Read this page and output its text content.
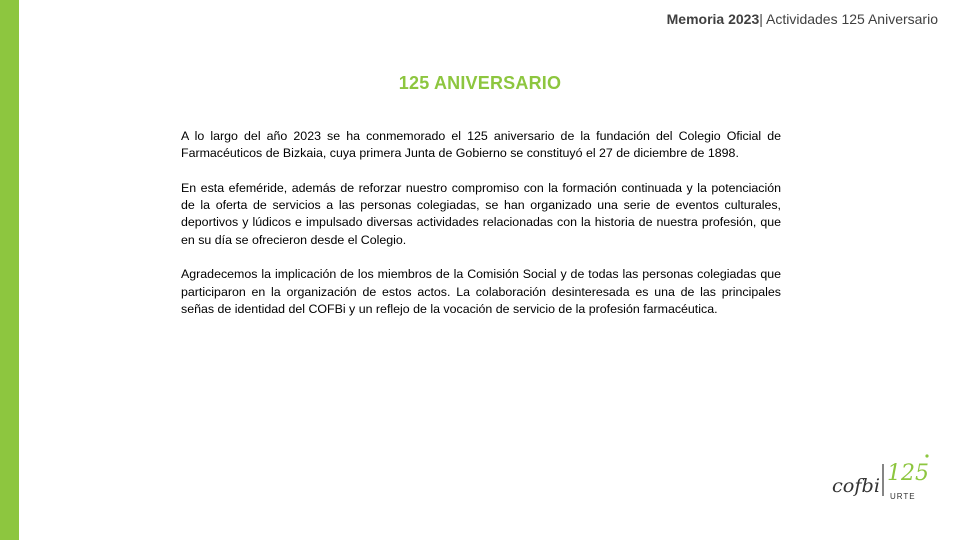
Memoria 2023| Actividades 125 Aniversario
125 ANIVERSARIO

A lo largo del año 2023 se ha conmemorado el 125 aniversario de la fundación del Colegio Oficial de Farmacéuticos de Bizkaia, cuya primera Junta de Gobierno se constituyó el 27 de diciembre de 1898.

En esta efeméride, además de reforzar nuestro compromiso con la formación continuada y la potenciación de la oferta de servicios a las personas colegiadas, se han organizado una serie de eventos culturales, deportivos y lúdicos e impulsado diversas actividades relacionadas con la historia de nuestra profesión, que en su día se ofrecieron desde el Colegio.

Agradecemos la implicación de los miembros de la Comisión Social y de todas las personas colegiadas que participaron en la organización de estos actos. La colaboración desinteresada es una de las principales señas de identidad del COFBi y un reflejo de la vocación de servicio de la profesión farmacéutica.

cofbi 125
URTE
